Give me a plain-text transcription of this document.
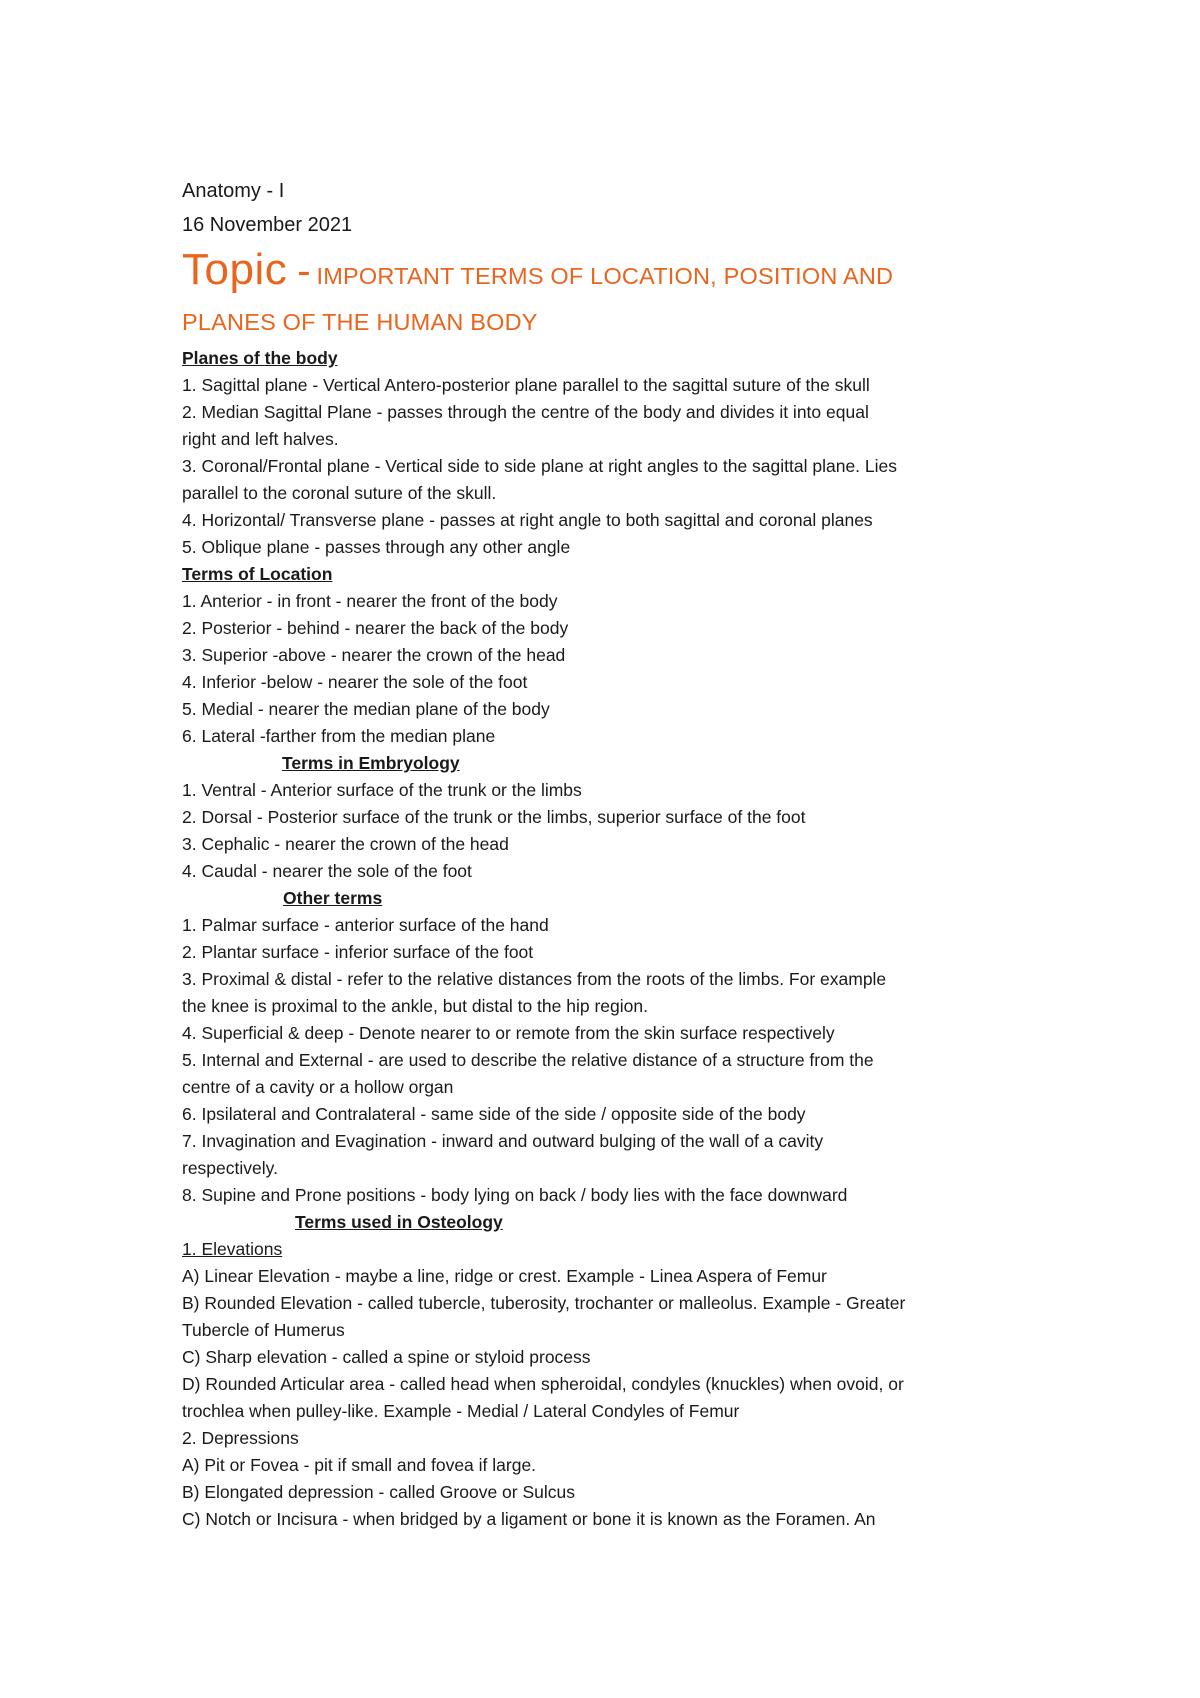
Anatomy - I

16 November 2021

Topic - IMPORTANT TERMS OF LOCATION, POSITION AND
PLANES OF THE HUMAN BODY

Planes of the body

1. Sagittal plane - Vertical Antero-posterior plane parallel to the sagittal suture of the skull

2. Median Sagittal Plane - passes through the centre of the body and divides it into equal

right and left halves.

3. Coronal/Frontal plane - Vertical side to side plane at right angles to the sagittal plane. Lies

parallel to the coronal suture of the skull.

4. Horizontal/ Transverse plane - passes at right angle to both sagittal and coronal planes

5. Oblique plane - passes through any other angle

Terms of Location

1. Anterior - in front - nearer the front of the body

2. Posterior - behind - nearer the back of the body

3. Superior -above - nearer the crown of the head

4. Inferior -below - nearer the sole of the foot

5. Medial - nearer the median plane of the body

6. Lateral -farther from the median plane

Terms in Embryology

1. Ventral - Anterior surface of the trunk or the limbs

2. Dorsal - Posterior surface of the trunk or the limbs, superior surface of the foot

3. Cephalic - nearer the crown of the head

4. Caudal - nearer the sole of the foot

Other terms

1. Palmar surface - anterior surface of the hand

2. Plantar surface - inferior surface of the foot

3. Proximal & distal - refer to the relative distances from the roots of the limbs. For example

the knee is proximal to the ankle, but distal to the hip region.

4. Superficial & deep - Denote nearer to or remote from the skin surface respectively

5. Internal and External - are used to describe the relative distance of a structure from the

centre of a cavity or a hollow organ

6. Ipsilateral and Contralateral - same side of the side / opposite side of the body

7. Invagination and Evagination - inward and outward bulging of the wall of a cavity

respectively.

8. Supine and Prone positions - body lying on back / body lies with the face downward

Terms used in Osteology

1. Elevations

A) Linear Elevation - maybe a line, ridge or crest. Example - Linea Aspera of Femur

B) Rounded Elevation - called tubercle, tuberosity, trochanter or malleolus. Example - Greater

Tubercle of Humerus

C) Sharp elevation - called a spine or styloid process

D) Rounded Articular area - called head when spheroidal, condyles (knuckles) when ovoid, or

trochlea when pulley-like. Example - Medial / Lateral Condyles of Femur

2. Depressions

A) Pit or Fovea - pit if small and fovea if large.

B) Elongated depression - called Groove or Sulcus

C) Notch or Incisura - when bridged by a ligament or bone it is known as the Foramen. An
